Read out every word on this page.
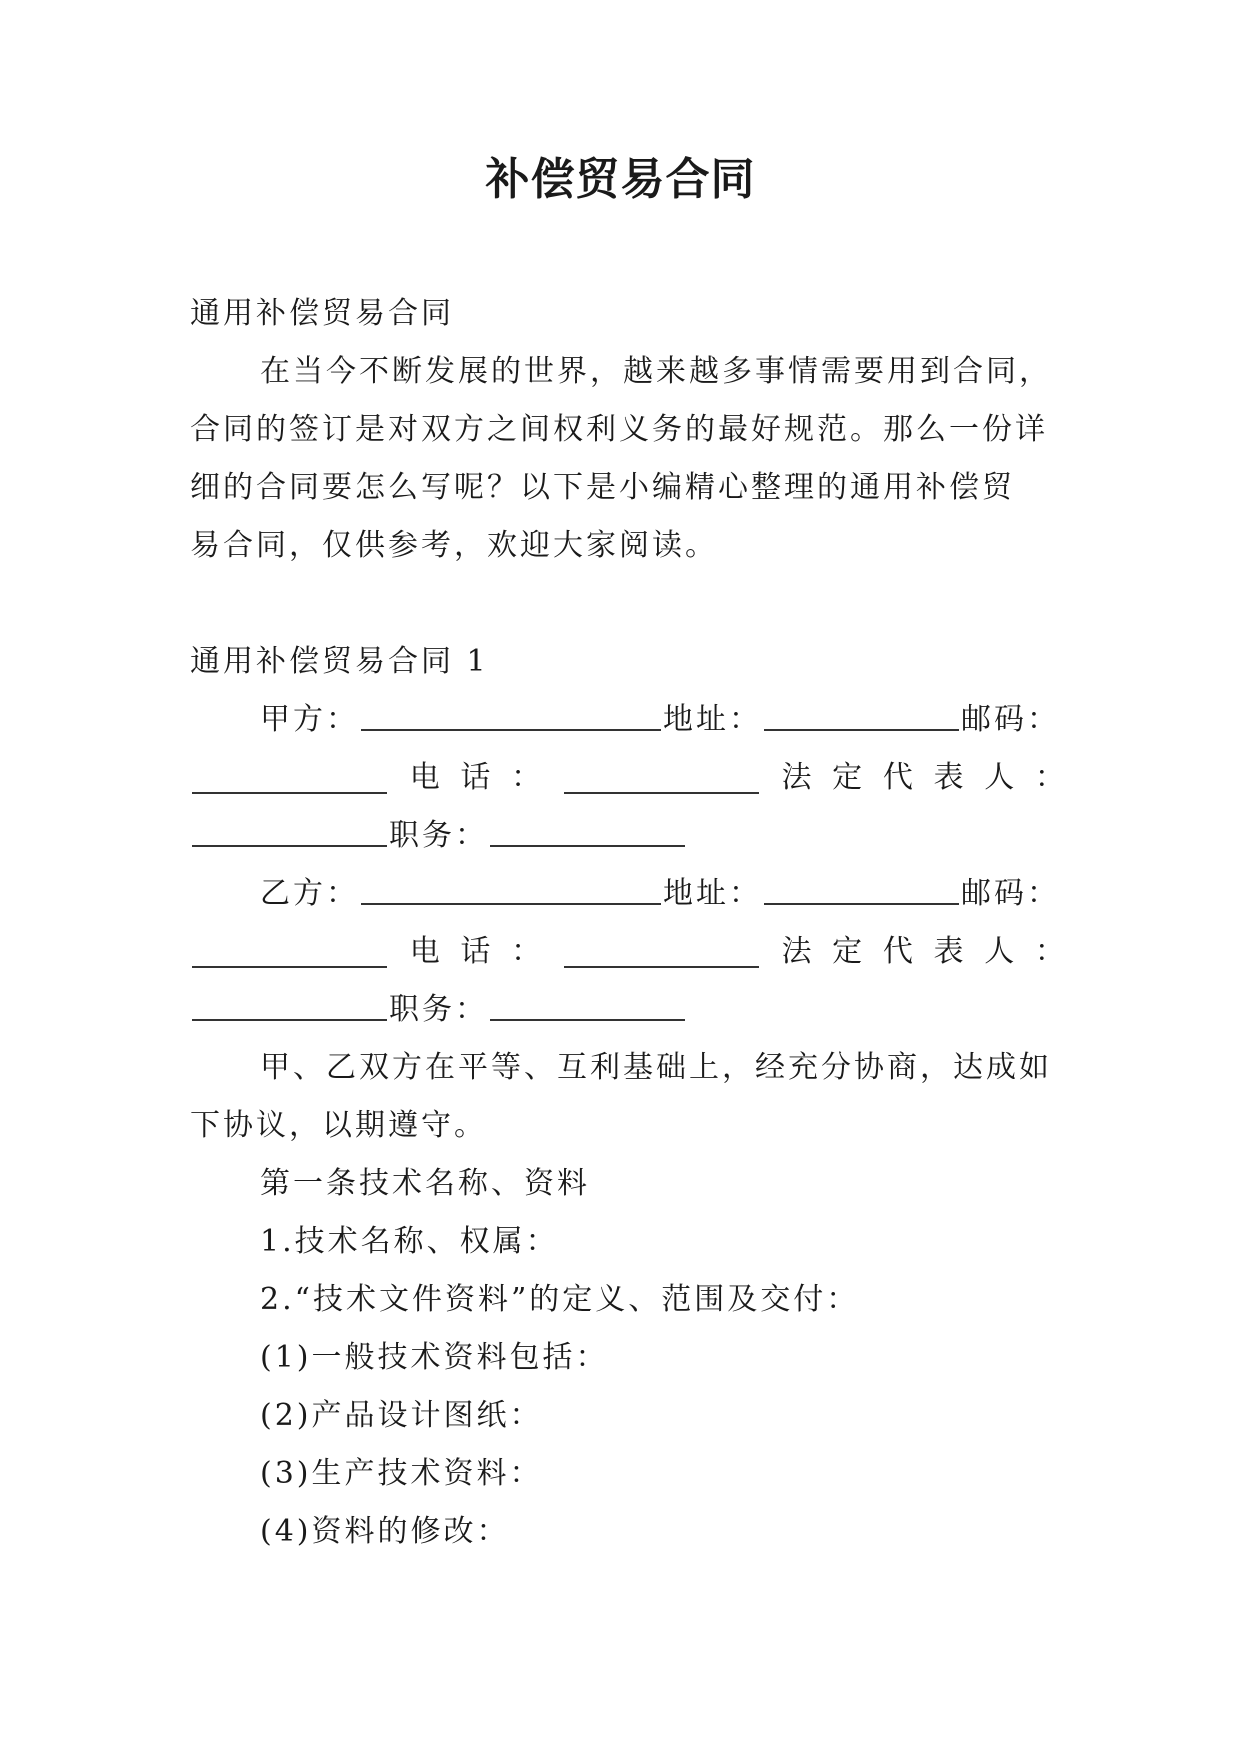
补偿贸易合同
通用补偿贸易合同
在当今不断发展的世界，越来越多事情需要用到合同，
合同的签订是对双方之间权利义务的最好规范。那么一份详
细的合同要怎么写呢？以下是小编精心整理的通用补偿贸
易合同，仅供参考，欢迎大家阅读。
通用补偿贸易合同 1
甲方：	地址：	邮码：
电 话 ：	法 定 代 表 人 ：
职务：
乙方：	地址：	邮码：
电 话 ：	法 定 代 表 人 ：
职务：
甲、乙双方在平等、互利基础上，经充分协商，达成如
下协议，以期遵守。
第一条技术名称、资料
1.技术名称、权属：
2.“技术文件资料”的定义、范围及交付：
(1)一般技术资料包括：
(2)产品设计图纸：
(3)生产技术资料：
(4)资料的修改：
